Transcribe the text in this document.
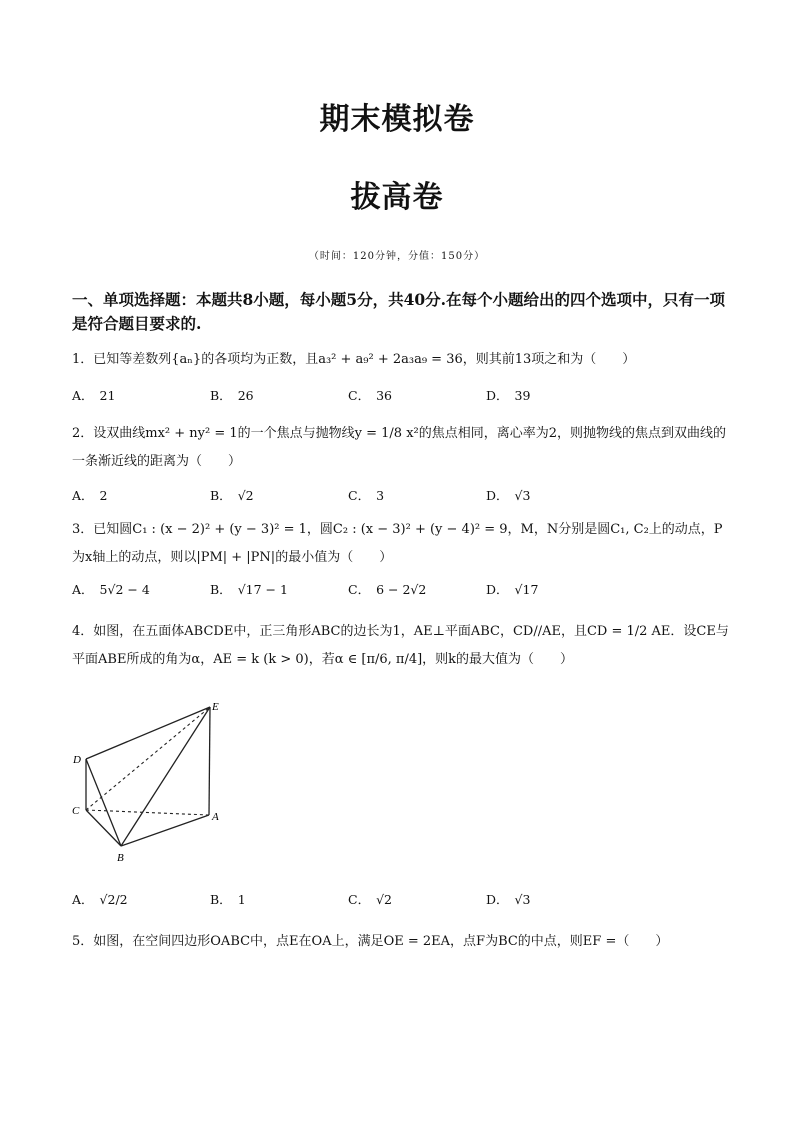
期末模拟卷
拔高卷
（时间：120分钟，分值：150分）
一、单项选择题：本题共8小题，每小题5分，共40分.在每个小题给出的四个选项中，只有一项是符合题目要求的.
1．已知等差数列{aₙ}的各项均为正数，且a₃² + a₉² + 2a₃a₉ = 36，则其前13项之和为（　　）
A． 21	B． 26	C． 36	D． 39
2．设双曲线mx² + ny² = 1的一个焦点与抛物线y = 1/8 x²的焦点相同，离心率为2，则抛物线的焦点到双曲线的一条渐近线的距离为（　　）
A． 2	B． √2	C． 3	D． √3
3．已知圆C₁ : (x − 2)² + (y − 3)² = 1，圆C₂ : (x − 3)² + (y − 4)² = 9，M，N分别是圆C₁, C₂上的动点，P为x轴上的动点，则以|PM| + |PN|的最小值为（　　）
A． 5√2 − 4	B． √17 − 1	C． 6 − 2√2	D． √17
4．如图，在五面体ABCDE中，正三角形ABC的边长为1，AE⊥平面ABC，CD//AE，且CD = 1/2 AE．设CE与平面ABE所成的角为α，AE = k (k > 0)，若α ∈ [π/6, π/4]，则k的最大值为（　　）
D
C
B
A
E
A． √2/2	B． 1	C． √2	D． √3
5．如图，在空间四边形OABC中，点E在OA上，满足OE = 2EA，点F为BC的中点，则EF =（　　）
